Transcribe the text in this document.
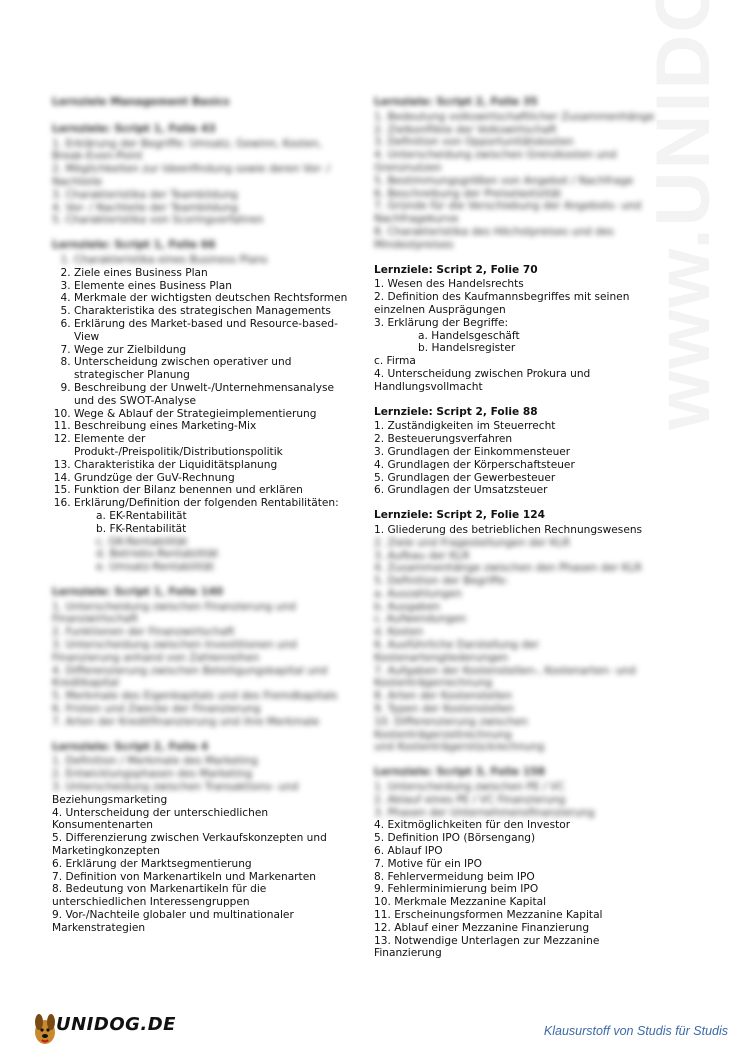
Lernziele Management Basics
Lernziele: Script 1, Folie 43
1. Erklärung der Begriffe: Umsatz, Gewinn, Kosten,
Break-Even-Point
2. Möglichkeiten zur Ideenfindung sowie deren Vor- /
Nachteile
3. Charakteristika der Teambildung
4. Vor- / Nachteile der Teambildung
5. Charakteristika von Scoringverfahren
Lernziele: Script 1, Folie 66
1. Charakteristika eines Business Plans
2. Ziele eines Business Plan
3. Elemente eines Business Plan
4. Merkmale der wichtigsten deutschen Rechtsformen
5. Charakteristika des strategischen Managements
6. Erklärung des Market-based und Resource-based-View
7. Wege zur Zielbildung
8. Unterscheidung zwischen operativer und strategischer Planung
9. Beschreibung der Unwelt-/Unternehmensanalyse und des SWOT-Analyse
10. Wege & Ablauf der Strategieimplementierung
11. Beschreibung eines Marketing-Mix
12. Elemente der Produkt-/Preispolitik/Distributionspolitik
13. Charakteristika der Liquiditätsplanung
14. Grundzüge der GuV-Rechnung
15. Funktion der Bilanz benennen und erklären
16. Erklärung/Definition der folgenden Rentabilitäten:
a. EK-Rentabilität
b. FK-Rentabilität
c. GK-Rentabilität
d. Betriebs-Rentabilität
e. Umsatz-Rentabilität
Lernziele: Script 1, Folie 140
1. Unterscheidung zwischen Finanzierung und
Finanzwirtschaft
2. Funktionen der Finanzwirtschaft
3. Unterscheidung zwischen Investitionen und
Finanzierung anhand von Zahlenreihen
4. Differenzierung zwischen Beteiligungskapital und
Kreditkapital
5. Merkmale des Eigenkapitals und des Fremdkapitals
6. Fristen und Zwecke der Finanzierung
7. Arten der Kreditfinanzierung und ihre Merkmale
Lernziele: Script 2, Folie 4
1. Definition / Merkmale des Marketing
2. Entwicklungsphasen des Marketing
3. Unterscheidung zwischen Transaktions- und
Beziehungsmarketing
4. Unterscheidung der unterschiedlichen
Konsumentenarten
5. Differenzierung zwischen Verkaufskonzepten und
Marketingkonzepten
6. Erklärung der Marktsegmentierung
7. Definition von Markenartikeln und Markenarten
8. Bedeutung von Markenartikeln für die
unterschiedlichen Interessengruppen
9. Vor-/Nachteile globaler und multinationaler
Markenstrategien
Lernziele: Script 2, Folie 35
1. Bedeutung volkswirtschaftlicher Zusammenhänge
2. Zielkonflikte der Volkswirtschaft
3. Definition von Opportunitätskosten
4. Unterscheidung zwischen Grenzkosten und
Grenznutzen
5. Bestimmungsgrößen von Angebot / Nachfrage
6. Beschreibung der Preiselastizität
7. Gründe für die Verschiebung der Angebots- und
Nachfragekurve
8. Charakteristika des Höchstpreises und des
Mindestpreises
Lernziele: Script 2, Folie 70
1. Wesen des Handelsrechts
2. Definition des Kaufmannsbegriffes mit seinen
einzelnen Ausprägungen
3. Erklärung der Begriffe:
a. Handelsgeschäft
b. Handelsregister
c. Firma
4. Unterscheidung zwischen Prokura und
Handlungsvollmacht
Lernziele: Script 2, Folie 88
1. Zuständigkeiten im Steuerrecht
2. Besteuerungsverfahren
3. Grundlagen der Einkommensteuer
4. Grundlagen der Körperschaftsteuer
5. Grundlagen der Gewerbesteuer
6. Grundlagen der Umsatzsteuer
Lernziele: Script 2, Folie 124
1. Gliederung des betrieblichen Rechnungswesens
2. Ziele und Fragestellungen der KLR
3. Aufbau der KLR
4. Zusammenhänge zwischen den Phasen der KLR
5. Definition der Begriffe:
a. Auszahlungen
b. Ausgaben
c. Aufwendungen
d. Kosten
6. Ausführliche Darstellung der Kostenartengliederungen
7. Aufgaben der Kostenstellen-, Kostenarten- und
Kostenträgerrechnung
8. Arten der Kostenstellen
9. Typen der Kostenstellen
10. Differenzierung zwischen Kostenträgerzeitrechnung
und Kostenträgerstückrechnung
Lernziele: Script 3, Folie 158
1. Unterscheidung zwischen PE / VC
2. Ablauf eines PE / VC Finanzierung
3. Phasen der Unternehmensfinanzierung
4. Exitmöglichkeiten für den Investor
5. Definition IPO (Börsengang)
6. Ablauf IPO
7. Motive für ein IPO
8. Fehlervermeidung beim IPO
9. Fehlerminimierung beim IPO
10. Merkmale Mezzanine Kapital
11. Erscheinungsformen Mezzanine Kapital
12. Ablauf einer Mezzanine Finanzierung
13. Notwendige Unterlagen zur Mezzanine Finanzierung
UNIDOG.DE	Klausurstoff von Studis für Studis
